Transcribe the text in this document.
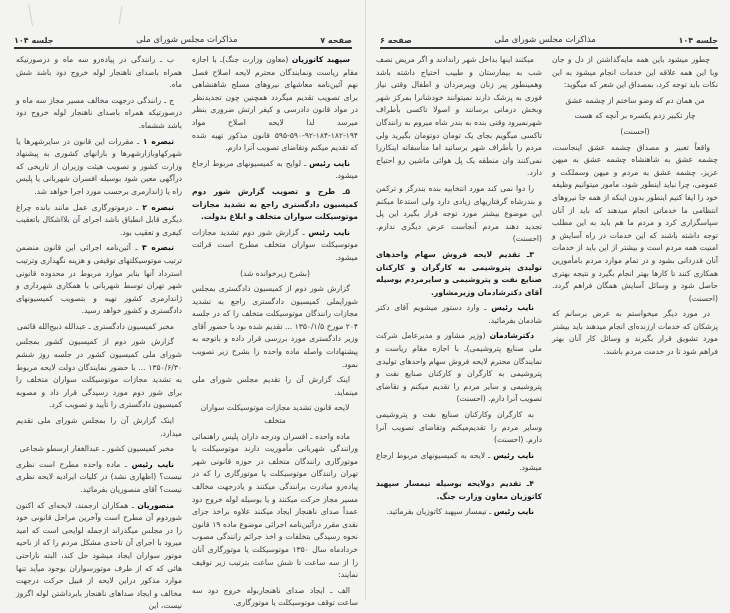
صفحه ۷
مذاکرات مجلس شورای ملی
جلسه ۱۰۴

ب ـ رانندگی در پیاده‌رو سه ماه و درصورتیکه همراه باصدای ناهنجار لوله خروج دود باشد شش ماه.

ج ـ رانندگی درجهت مخالف مسیر مجاز سه ماه و درصورتیکه همراه باصدای ناهنجار لوله خروج دود باشد ششماه.

تبصره ۱ ـ مقررات این قانون در سایرشهرها یا شهرکهاوبازارشهرها و بارانهای کشوری به پیشنهاد وزارت کشور و تصویب هیئت وزیران از تاریخی که درآگهی معین شود بوسیله افسران شهربانی یا پلیس راه یا ژاندارمری برحسب مورد اجرا خواهد شد.

تبصره ۲ ـ درموتورگاری عمل مانند بانده چراغ دیگری قابل انطباق باشد اجرای آن بلااشکال باتعقیب کیفری و تعقیب بود.

تبصره ۳ ـ آئین‌نامه اجرائی این قانون منضمن ترتیب موتوسیکلتهای توقیفی و هزینه نگهداری وترتیب استرداد آنها بنابر موارد مربوط در محدوده قانونی شهر تهران توسط شهربانی با همکاری شهرداری و ژاندارمری کشور تهیه و بتصویب کمیسیونهای دادگستری و کشور خواهد رسید.

مخبر کمیسیون دادگستری ـ عبدالله ذبیح‌الله قائمی

گزارش شور دوم از کمیسیون کشور بمجلس شورای ملی کمیسیون کشور در جلسه روز ششم ۱۳۵۰/۶/۳۰ ... با حضور نمایندگان دولت لایحه مربوط به تشدید مجازات موتوسیکلت سواران متخلف را برای شور دوم مورد رسیدگی قرار داد و مصوبه کمیسیون دادگستری را تأیید و تصویب کرد.

اینک گزارش آن را بمجلس شورای ملی تقدیم میدارد.

مخبر کمیسیون کشور ـ عبدالغفار ارسطو شجاعی

نایب رئیس ـ ماده واحده مطرح است نظری نیست؟ (اظهاری نشد) در کلیات ایرادیه لایحه نظری نیست؟ آقای منصوریان بفرمائید.

منصوریان ـ همکاران ارجمند، لایحه‌ای که اکنون شوردوم آن مطرح است وآخرین مراحل قانونی خود را در مجلس میگذراند ازجمله لوایحی است که امید میرود با اجرای آن تاحدی مشکل مردم را که از ناحیه موتور سواران ایجاد میشود حل کند، البته ناراحتی هائی که که از طرف موتورسواران بوجود میآید تنها موارد مذکور دراین لایحه از قبیل حرکت درجهت مخالف و ایجاد صداهای ناهنجار بابرداشتن لوله اگزوز نیست، این

سپهبد کاتوزیان (معاون وزارت جنگ)ـ با اجازه مقام ریاست ونمایندگان محترم لایحه اصلاح فصل نهم آئین‌نامه معاشهای نیروهای مسلح شاهنشاهی برای تصویب تقدیم میگردد همچنین چون تجدیدنظر در مواد قانون دادرسی و کیفر ارتش ضروری بنظر میرسد لذا لایحه اصلاح مواد ۱۹۴-۱۸۲-۱۸۴-۹۲-۵۹۰-۵۹۵ قانون مذکور تهیه شده که تقدیم میکنم وتقاضای تصویب آنرا دارم.

نایب رئیس ـ لوایح به کمیسیونهای مربوط ارجاع میشود.

۵ـ طرح و تصویب گزارش شور دوم کمیسیون دادگستری راجع به تشدید مجازات موتوسیکلت سواران متخلف و ابلاغ بدولت.

نایب رئیس ـ گزارش شور دوم تشدید مجازات موتوسیکلت سواران متخلف مطرح است قرائت میشود.

(بشرح زیرخوانده شد)

گزارش شور دوم از کمیسیون دادگستری بمجلس شورایملی کمیسیون دادگستری راجع به تشدید مجازات رانندگان موتوسیکلت متخلف را که در جلسه ۲۰۴ مورخ ۱۳۵۰/۱/۵ ... تقدیم شده بود با حضور آقای وزیر دادگستری مورد بررسی قرار داده و باتوجه به پیشنهادات واصله ماده واحده را بشرح زیر تصویب نمود.

اینک گزارش آن را تقدیم مجلس شورای ملی مینماید.

لایحه قانون تشدید مجازات موتوسیکلت سواران متخلف

ماده واحده ـ افسران ودرجه داران پلیس راهنمائی ورانندگی شهربانی مأموریت دارند موتوسیکلت یا موتورگاری رانندگان متخلف در حوزه قانونی شهر تهران رانندگان موتوسیکلت یا موتورگاری را که در پیاده‌رو مبادرت برانندگی میکنند و یادرجهت مخالف مسیر مجاز حرکت میکنند و یا بوسیله لوله خروج دود عمداً صدای ناهنجار ایجاد میکنند علاوه براخذ جزای نقدی مقرر درآئین‌نامه اجرائی موضوع ماده ۱۹ قانون نحوه رسیدگی بتخلفات و اخذ جرائم رانندگی مصوب خردادماه سال ۱۳۵۰ موتوسیکلت یا موتورگاری آنان را از سه ساعت تا شش ساعت بترتیب زیر توقیف نمایند:

الف ـ ایجاد صدای ناهنجاربوله خروج دود سه ساعت توقف موتوسیکلت یا موتورگاری.

جلسه ۱۰۴
مذاکرات مجلس شورای ملی
صفحه ۶

میکنند اینها بداخل شهر راندادند و اگر مریض نصف شب به بیمارستان و طبیب احتیاج داشته باشد وهمینطور پیر زنان وپیرمردان و اطفال وقتی نیاز فوری به پزشک دارند نمیتوانند خودشانرا بمرکز شهر وبخش درمانی برسانند و اصولا تاکسی بأطراف شهرنمیرود وقتی بنده به بندر شاه میروم به رانندگان تاکسی میگویم بجای یک تومان دوتومان بگیرید ولی مردم را بأطراف شهر برسانید اما متأسفانه اینکاررا نمی‌کنند وان منطقه یک پل هوائی ماشین رو احتیاج دارد.

را دوا نمی کند مورد انتخابیه بنده بندرگز و ترکمن و بندرشاه گرفتاریهای زیادی دارد ولی استدعا میکنم این موضوع بیشتر مورد توجه قرار بگیرد این پل تجدید دهند مردم آنجاست عرض دیگری ندارم. (احسنت)

۳ـ تقدیم لایحه فروش سهام واحدهای تولیدی پتروشیمی به کارگران و کارکنان صنایع نفت و پتروشیمی و سایرمردم بوسیله آقای دکترشادمان وزیرمشاور.

نایب رئیس ـ وارد دستور میشویم آقای دکتر شادمان بفرمائید.

دکترشادمان (وزیر مشاور و مدیرعامل شرکت ملی صنایع پتروشیمی)ـ با اجازه مقام ریاست و نمایندگان محترم لایحه فروش سهام واحدهای تولیدی پتروشیمی به کارگران و کارکنان صنایع نفت و پتروشیمی و سایر مردم را تقدیم میکنم و تقاضای تصویب آنرا دارم. (احسنت)

به کارگران وکارکنان صنایع نفت و پتروشیمی وسایر مردم را تقدیم‌میکنم وتقاضای تصویب آنرا دارم. (احسنت)

نایب رئیس ـ لایحه به کمیسیونهای مربوط ارجاع میشود.

۴ـ تقدیم دولایحه بوسیله تیمسار سپهبد کاتوزیان معاون وزارت جنگ.

نایب رئیس ـ تیمسار سپهبد کاتوزیان بفرمائید.

چطور میشود باین همه مایه‌گذاشتن از دل و جان وبا این همه علاقه این خدمات انجام میشود به این نکات باید توجه کرد، بمصداق این شعر که میگوید:

من همان دم که وضو ساختم از چشمه عشق

چار تکبیر زدم یکسره بر آنچه که هست

(احسنت)

واقعاً تعبیر و مصداق چشمه عشق اینجاست، چشمه عشق به شاهنشاه چشمه عشق به میهن عزیز، چشمه عشق به مردم و میهن وسملکت و عمومی، چرا نباید اینطور شود، مامور میتوانیم وظیفه خود را ایفا کنیم اینطور بدون اینکه از همه جا نیروهای انتظامی ما خدماتی انجام میدهند که باید از آنان سپاسگزاری کرد و مردم ما هم باید به این مطلب توجه داشته باشند که این خدمات در راه آسایش و امنیت همه مردم است و بیشتر از این باید از خدمات آنان قدردانی بشود و در تمام موارد مردم بامأمورین همکاری کنند تا کارها بهتر انجام بگیرد و نتیجه بهتری حاصل شود و وسائل آسایش همگان فراهم گردد. (احسنت)

در مورد دیگر میخواستم به عرض برسانم که پزشکان که خدمات ارزنده‌ای انجام میدهند باید بیشتر مورد تشویق قرار بگیرند و وسائل کار آنان بهتر فراهم شود تا در خدمت مردم باشند.
